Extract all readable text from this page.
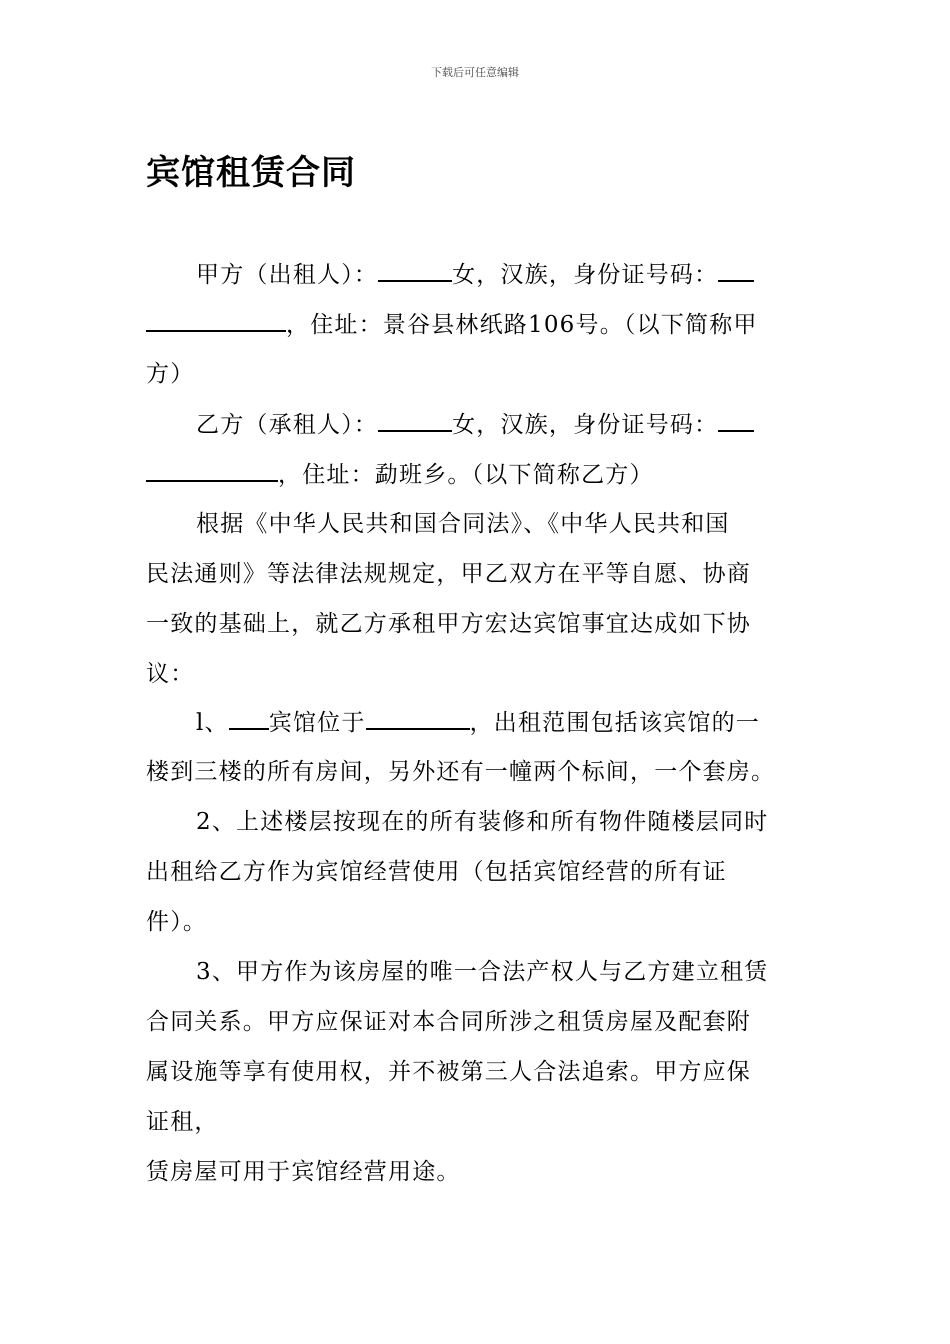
下载后可任意编辑
宾馆租赁合同
甲方（出租人）：	女，汉族，身份证号码：
，住址：景谷县林纸路106号。（以下简称甲
方）
乙方（承租人）：	女，汉族，身份证号码：
，住址：勐班乡。（以下简称乙方）
根据《中华人民共和国合同法》、《中华人民共和国
民法通则》等法律法规规定，甲乙双方在平等自愿、协商
一致的基础上，就乙方承租甲方宏达宾馆事宜达成如下协
议：
l、 宾馆位于	，出租范围包括该宾馆的一
楼到三楼的所有房间，另外还有一幢两个标间，一个套房。
2、上述楼层按现在的所有装修和所有物件随楼层同时
出租给乙方作为宾馆经营使用（包括宾馆经营的所有证
件）。
3、甲方作为该房屋的唯一合法产权人与乙方建立租赁
合同关系。甲方应保证对本合同所涉之租赁房屋及配套附
属设施等享有使用权，并不被第三人合法追索。甲方应保
证租，
赁房屋可用于宾馆经营用途。
